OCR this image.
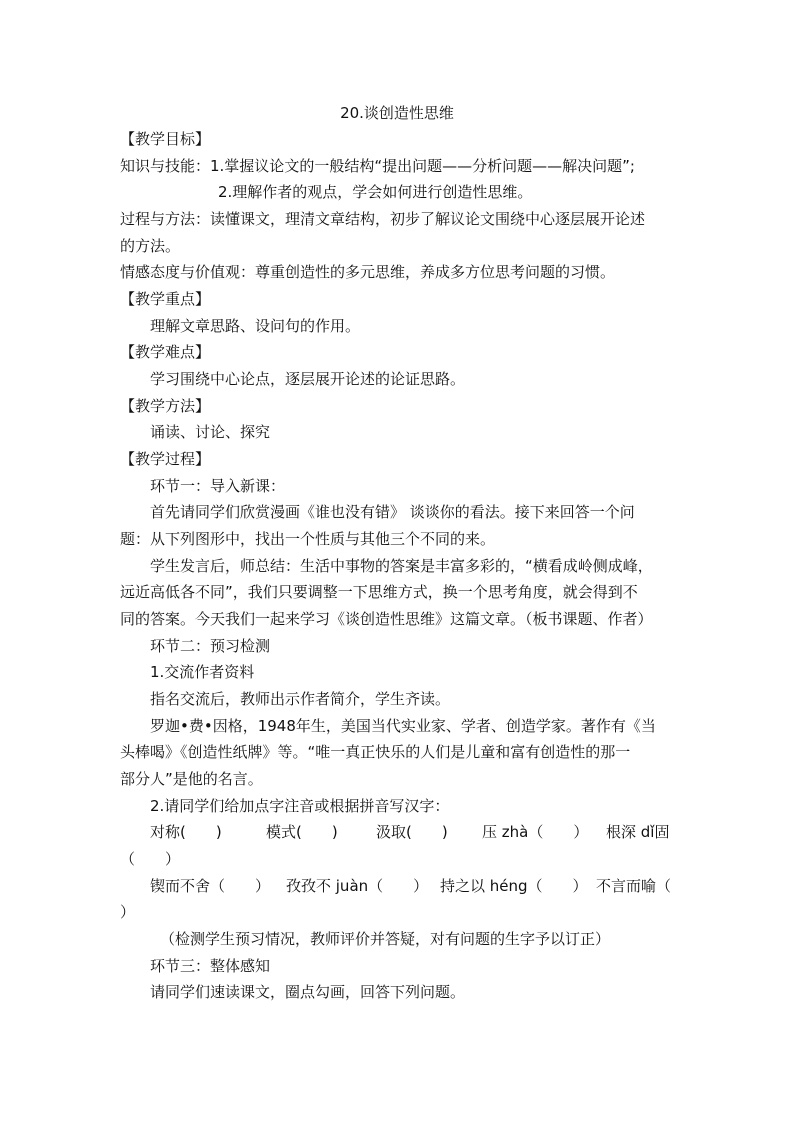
20.谈创造性思维
【教学目标】
知识与技能：1.掌握议论文的一般结构“提出问题——分析问题——解决问题”;
2.理解作者的观点，学会如何进行创造性思维。
过程与方法：读懂课文，理清文章结构，初步了解议论文围绕中心逐层展开论述
的方法。
情感态度与价值观：尊重创造性的多元思维，养成多方位思考问题的习惯。
【教学重点】
理解文章思路、设问句的作用。
【教学难点】
学习围绕中心论点，逐层展开论述的论证思路。
【教学方法】
诵读、讨论、探究
【教学过程】
环节一：导入新课：
首先请同学们欣赏漫画《谁也没有错》 谈谈你的看法。接下来回答一个问
题：从下列图形中，找出一个性质与其他三个不同的来。
学生发言后，师总结：生活中事物的答案是丰富多彩的，“横看成岭侧成峰，
远近高低各不同”，我们只要调整一下思维方式，换一个思考角度，就会得到不
同的答案。今天我们一起来学习《谈创造性思维》这篇文章。（板书课题、作者）
环节二：预习检测
1.交流作者资料
指名交流后，教师出示作者简介，学生齐读。
罗迦•费•因格，1948年生，美国当代实业家、学者、创造学家。著作有《当
头棒喝》《创造性纸牌》等。“唯一真正快乐的人们是儿童和富有创造性的那一
部分人”是他的名言。
2.请同学们给加点字注音或根据拼音写汉字：
对称(　　)	模式(　　)	汲取(　　) 压 zhà（　　） 根深 dǐ固
（　　）
锲而不舍（　　） 孜孜不 juàn（　　） 持之以 héng（　　） 不言而喻（
）
（检测学生预习情况，教师评价并答疑，对有问题的生字予以订正）
环节三：整体感知
请同学们速读课文，圈点勾画，回答下列问题。
